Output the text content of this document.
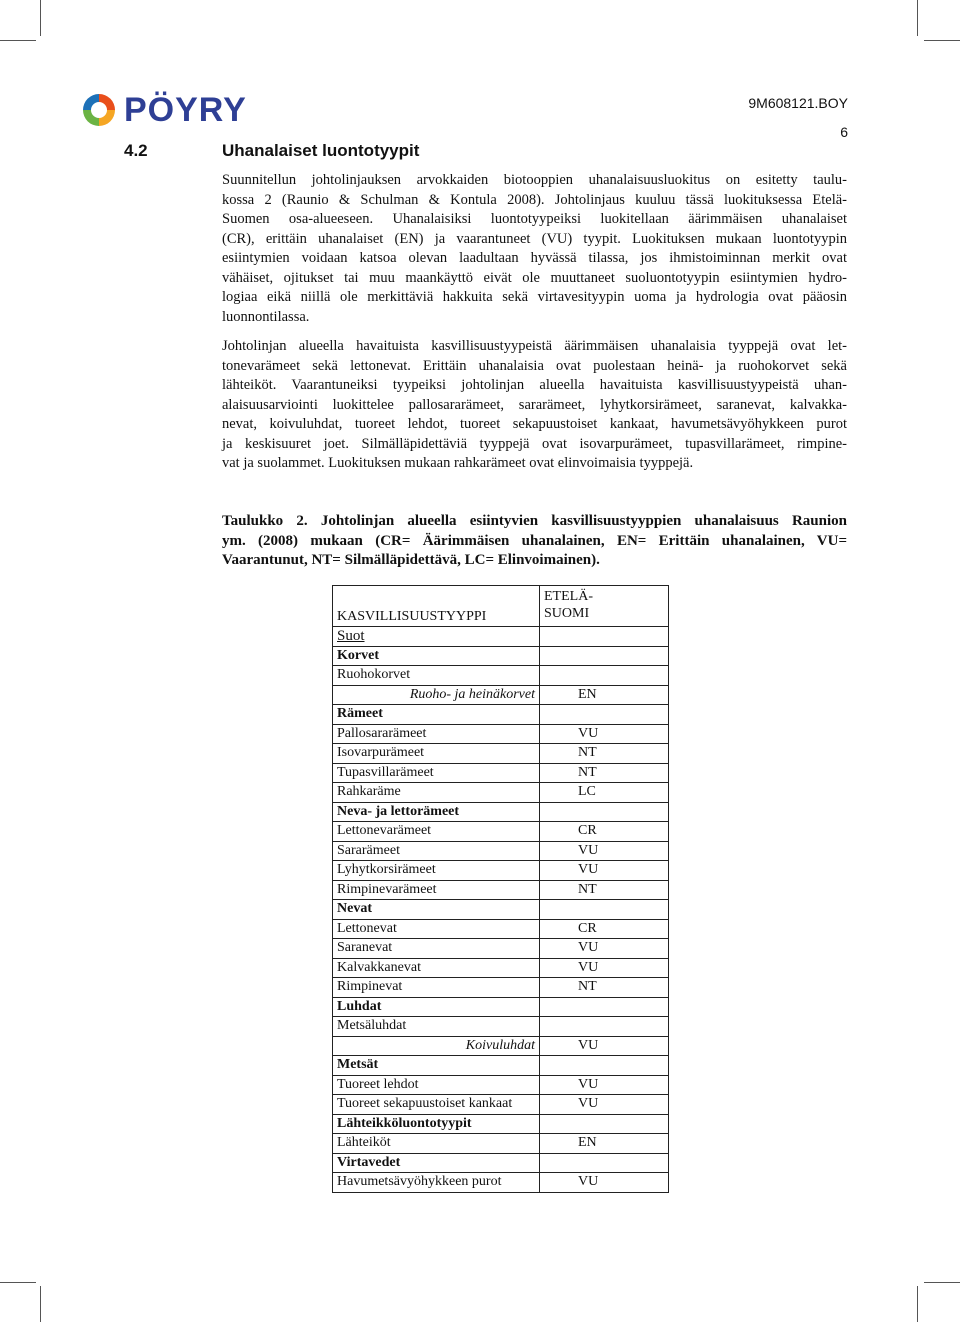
PÖYRY	9M608121.BOY
6
4.2	Uhanalaiset luontotyypit

Suunnitellun johtolinjauksen arvokkaiden biotooppien uhanalaisuusluokitus on esitetty taulu-
kossa 2 (Raunio & Schulman & Kontula 2008). Johtolinjaus kuuluu tässä luokituksessa Etelä-
Suomen osa-alueeseen. Uhanalaisiksi luontotyypeiksi luokitellaan äärimmäisen uhanalaiset
(CR), erittäin uhanalaiset (EN) ja vaarantuneet (VU) tyypit. Luokituksen mukaan luontotyypin
esiintymien voidaan katsoa olevan laadultaan hyvässä tilassa, jos ihmistoiminnan merkit ovat
vähäiset, ojitukset tai muu maankäyttö eivät ole muuttaneet suoluontotyypin esiintymien hydro-
logiaa eikä niillä ole merkittäviä hakkuita sekä virtavesityypin uoma ja hydrologia ovat pääosin
luonnontilassa.

Johtolinjan alueella havaituista kasvillisuustyypeistä äärimmäisen uhanalaisia tyyppejä ovat let-
tonevarämeet sekä lettonevat. Erittäin uhanalaisia ovat puolestaan heinä- ja ruohokorvet sekä
lähteiköt. Vaarantuneiksi tyypeiksi johtolinjan alueella havaituista kasvillisuustyypeistä uhan-
alaisuusarviointi luokittelee pallosararämeet, sararämeet, lyhytkorsirämeet, saranevat, kalvakka-
nevat, koivuluhdat, tuoreet lehdot, tuoreet sekapuustoiset kankaat, havumetsävyöhykkeen purot
ja keskisuuret joet. Silmälläpidettäviä tyyppejä ovat isovarpurämeet, tupasvillarämeet, rimpine-
vat ja suolammet. Luokituksen mukaan rahkarämeet ovat elinvoimaisia tyyppejä.

Taulukko 2. Johtolinjan alueella esiintyvien kasvillisuustyyppien uhanalaisuus Raunion
ym. (2008) mukaan (CR= Äärimmäisen uhanalainen, EN= Erittäin uhanalainen, VU=
Vaarantunut, NT= Silmälläpidettävä, LC= Elinvoimainen).

KASVILLISUUSTYYPPI	ETELÄ-
SUOMI
Suot	
Korvet	
Ruohokorvet	
Ruoho- ja heinäkorvet	EN
Rämeet	
Pallosararämeet	VU
Isovarpurämeet	NT
Tupasvillarämeet	NT
Rahkaräme	LC
Neva- ja lettorämeet	
Lettonevarämeet	CR
Sararämeet	VU
Lyhytkorsirämeet	VU
Rimpinevarämeet	NT
Nevat	
Lettonevat	CR
Saranevat	VU
Kalvakkanevat	VU
Rimpinevat	NT
Luhdat	
Metsäluhdat	
Koivuluhdat	VU
Metsät	
Tuoreet lehdot	VU
Tuoreet sekapuustoiset kankaat	VU
Lähteikköluontotyypit	
Lähteiköt	EN
Virtavedet	
Havumetsävyöhykkeen purot	VU
